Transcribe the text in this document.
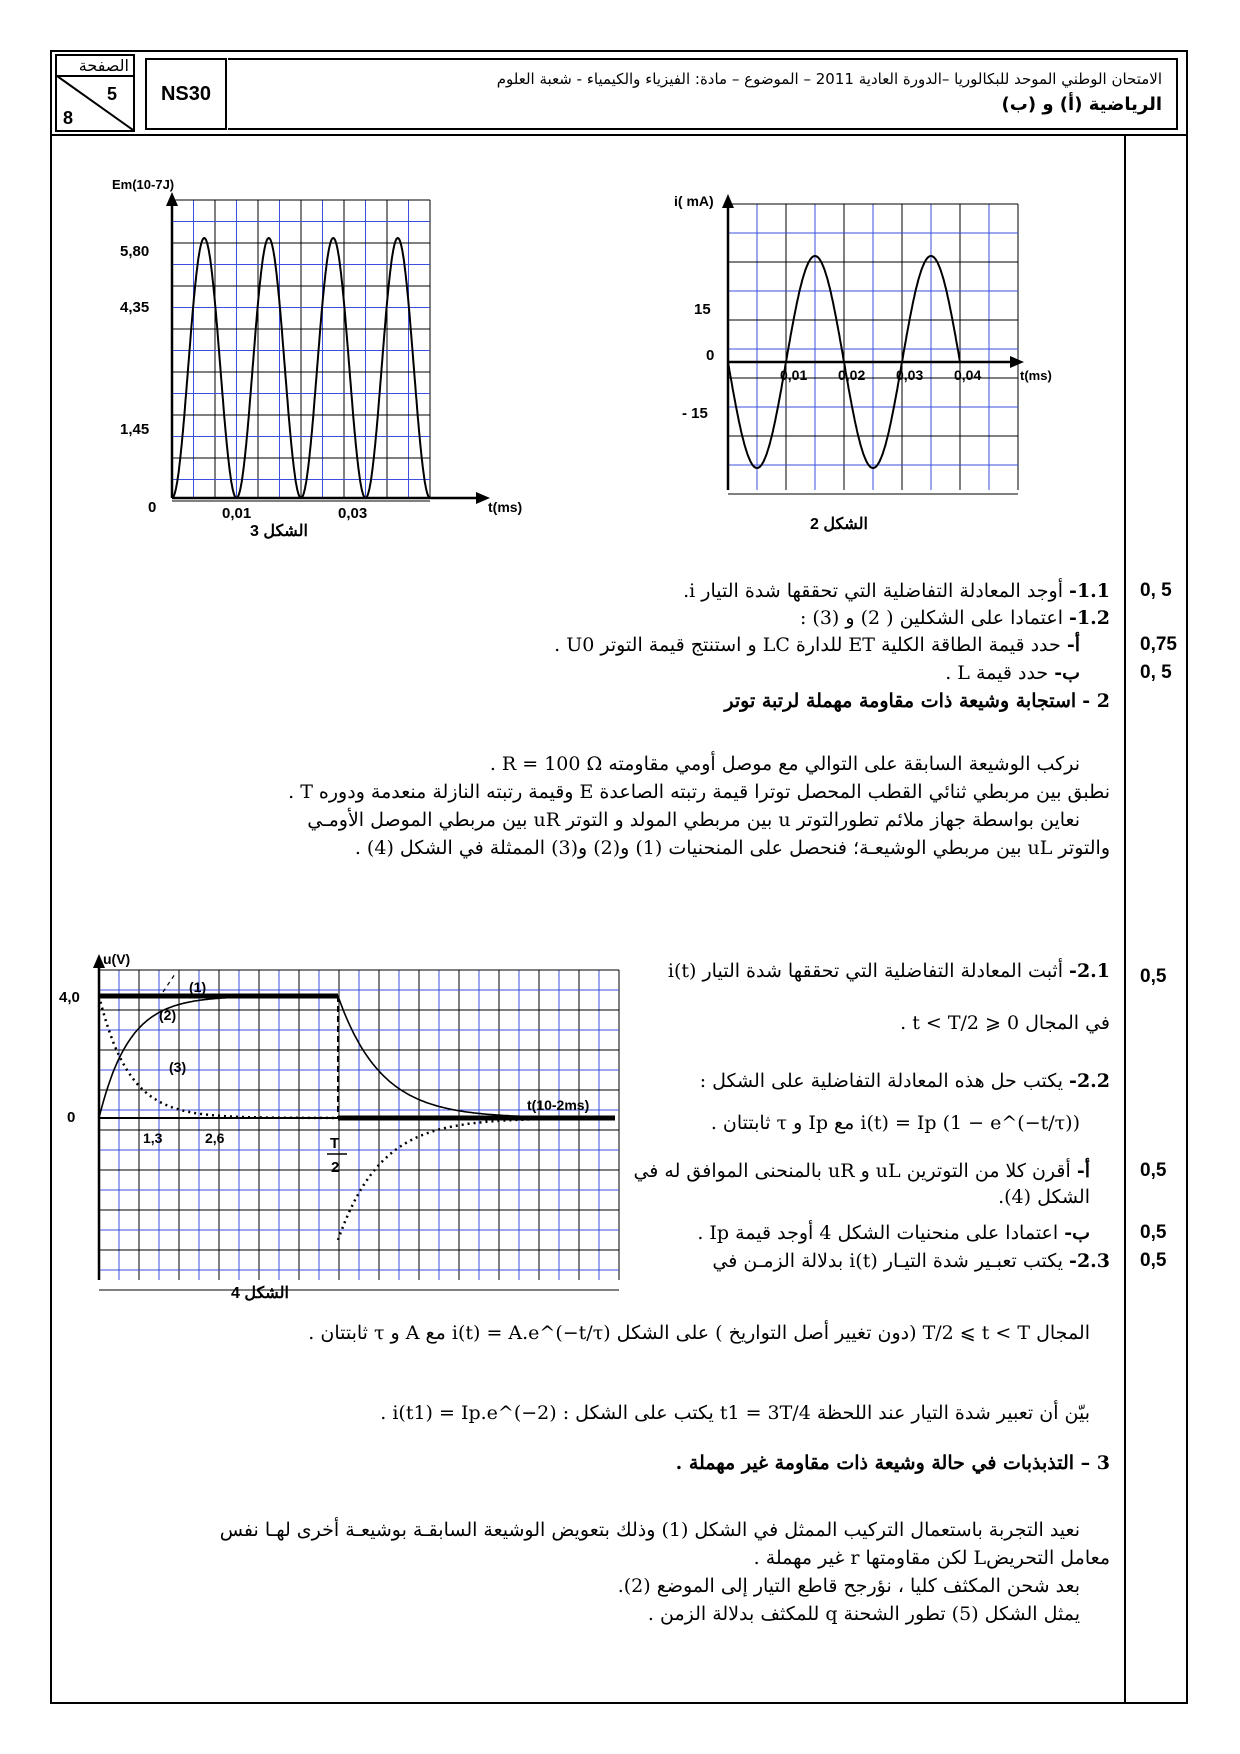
الصفحة
5
8
NS30
الامتحان الوطني الموحد للبكالوريا –الدورة العادية 2011 – الموضوع – مادة: الفيزياء والكيمياء - شعبة العلوم
الرياضية (أ) و (ب)
Em(10-7J)
5,80
4,35
1,45
0	0,01	0,03	t(ms)
الشكل 3
i( mA)
15
0
- 15
0,01 0,02 0,03 0,04	t(ms)
الشكل 2
1.1- أوجد المعادلة التفاضلية التي تحققها شدة التيار i.	0, 5
1.2- اعتمادا على الشكلين ( 2) و (3) :
أ- حدد قيمة الطاقة الكلية ET للدارة LC و استنتج قيمة التوتر U0 .	0,75
ب- حدد قيمة L .	0, 5
2 - استجابة وشيعة ذات مقاومة مهملة لرتبة توتر
نركب الوشيعة السابقة على التوالي مع موصل أومي مقاومته R = 100 Ω .
نطبق بين مربطي ثنائي القطب المحصل توترا قيمة رتبته الصاعدة E وقيمة رتبته النازلة منعدمة ودوره T .
نعاين بواسطة جهاز ملائم تطورالتوتر u بين مربطي المولد و التوتر uR بين مربطي الموصل الأومـي
والتوتر uL بين مربطي الوشيعـة؛ فنحصل على المنحنيات (1) و(2) و(3) الممثلة في الشكل (4) .
u(V)
4,0
0
1,3	2,6	T
2
t(10-2ms)
(1)
(2)
(3)
الشكل 4
2.1- أثبت المعادلة التفاضلية التي تحققها شدة التيار i(t)	0,5
في المجال 0 ⩽ t < T/2 .
2.2- يكتب حل هذه المعادلة التفاضلية على الشكل :
i(t) = Ip (1 − e^(−t/τ)) مع Ip و τ ثابتتان .
أ- أقرن كلا من التوترين uL و uR بالمنحنى الموافق له في الشكل (4).
0,5
ب- اعتمادا على منحنيات الشكل 4 أوجد قيمة Ip .	0,5
2.3- يكتب تعبـير شدة التيـار i(t) بدلالة الزمـن في	0,5
المجال T/2 ⩽ t < T (دون تغيير أصل التواريخ ) على الشكل i(t) = A.e^(−t/τ) مع A و τ ثابتتان .
بيّن أن تعبير شدة التيار عند اللحظة t1 = 3T/4 يكتب على الشكل : i(t1) = Ip.e^(−2) .
3 – التذبذبات في حالة وشيعة ذات مقاومة غير مهملة .
نعيد التجربة باستعمال التركيب الممثل في الشكل (1) وذلك بتعويض الوشيعة السابقـة بوشيعـة أخرى لهـا نفس
معامل التحريضL لكن مقاومتها r غير مهملة .
بعد شحن المكثف كليا ، نؤرجح قاطع التيار إلى الموضع (2).
يمثل الشكل (5) تطور الشحنة q للمكثف بدلالة الزمن .
